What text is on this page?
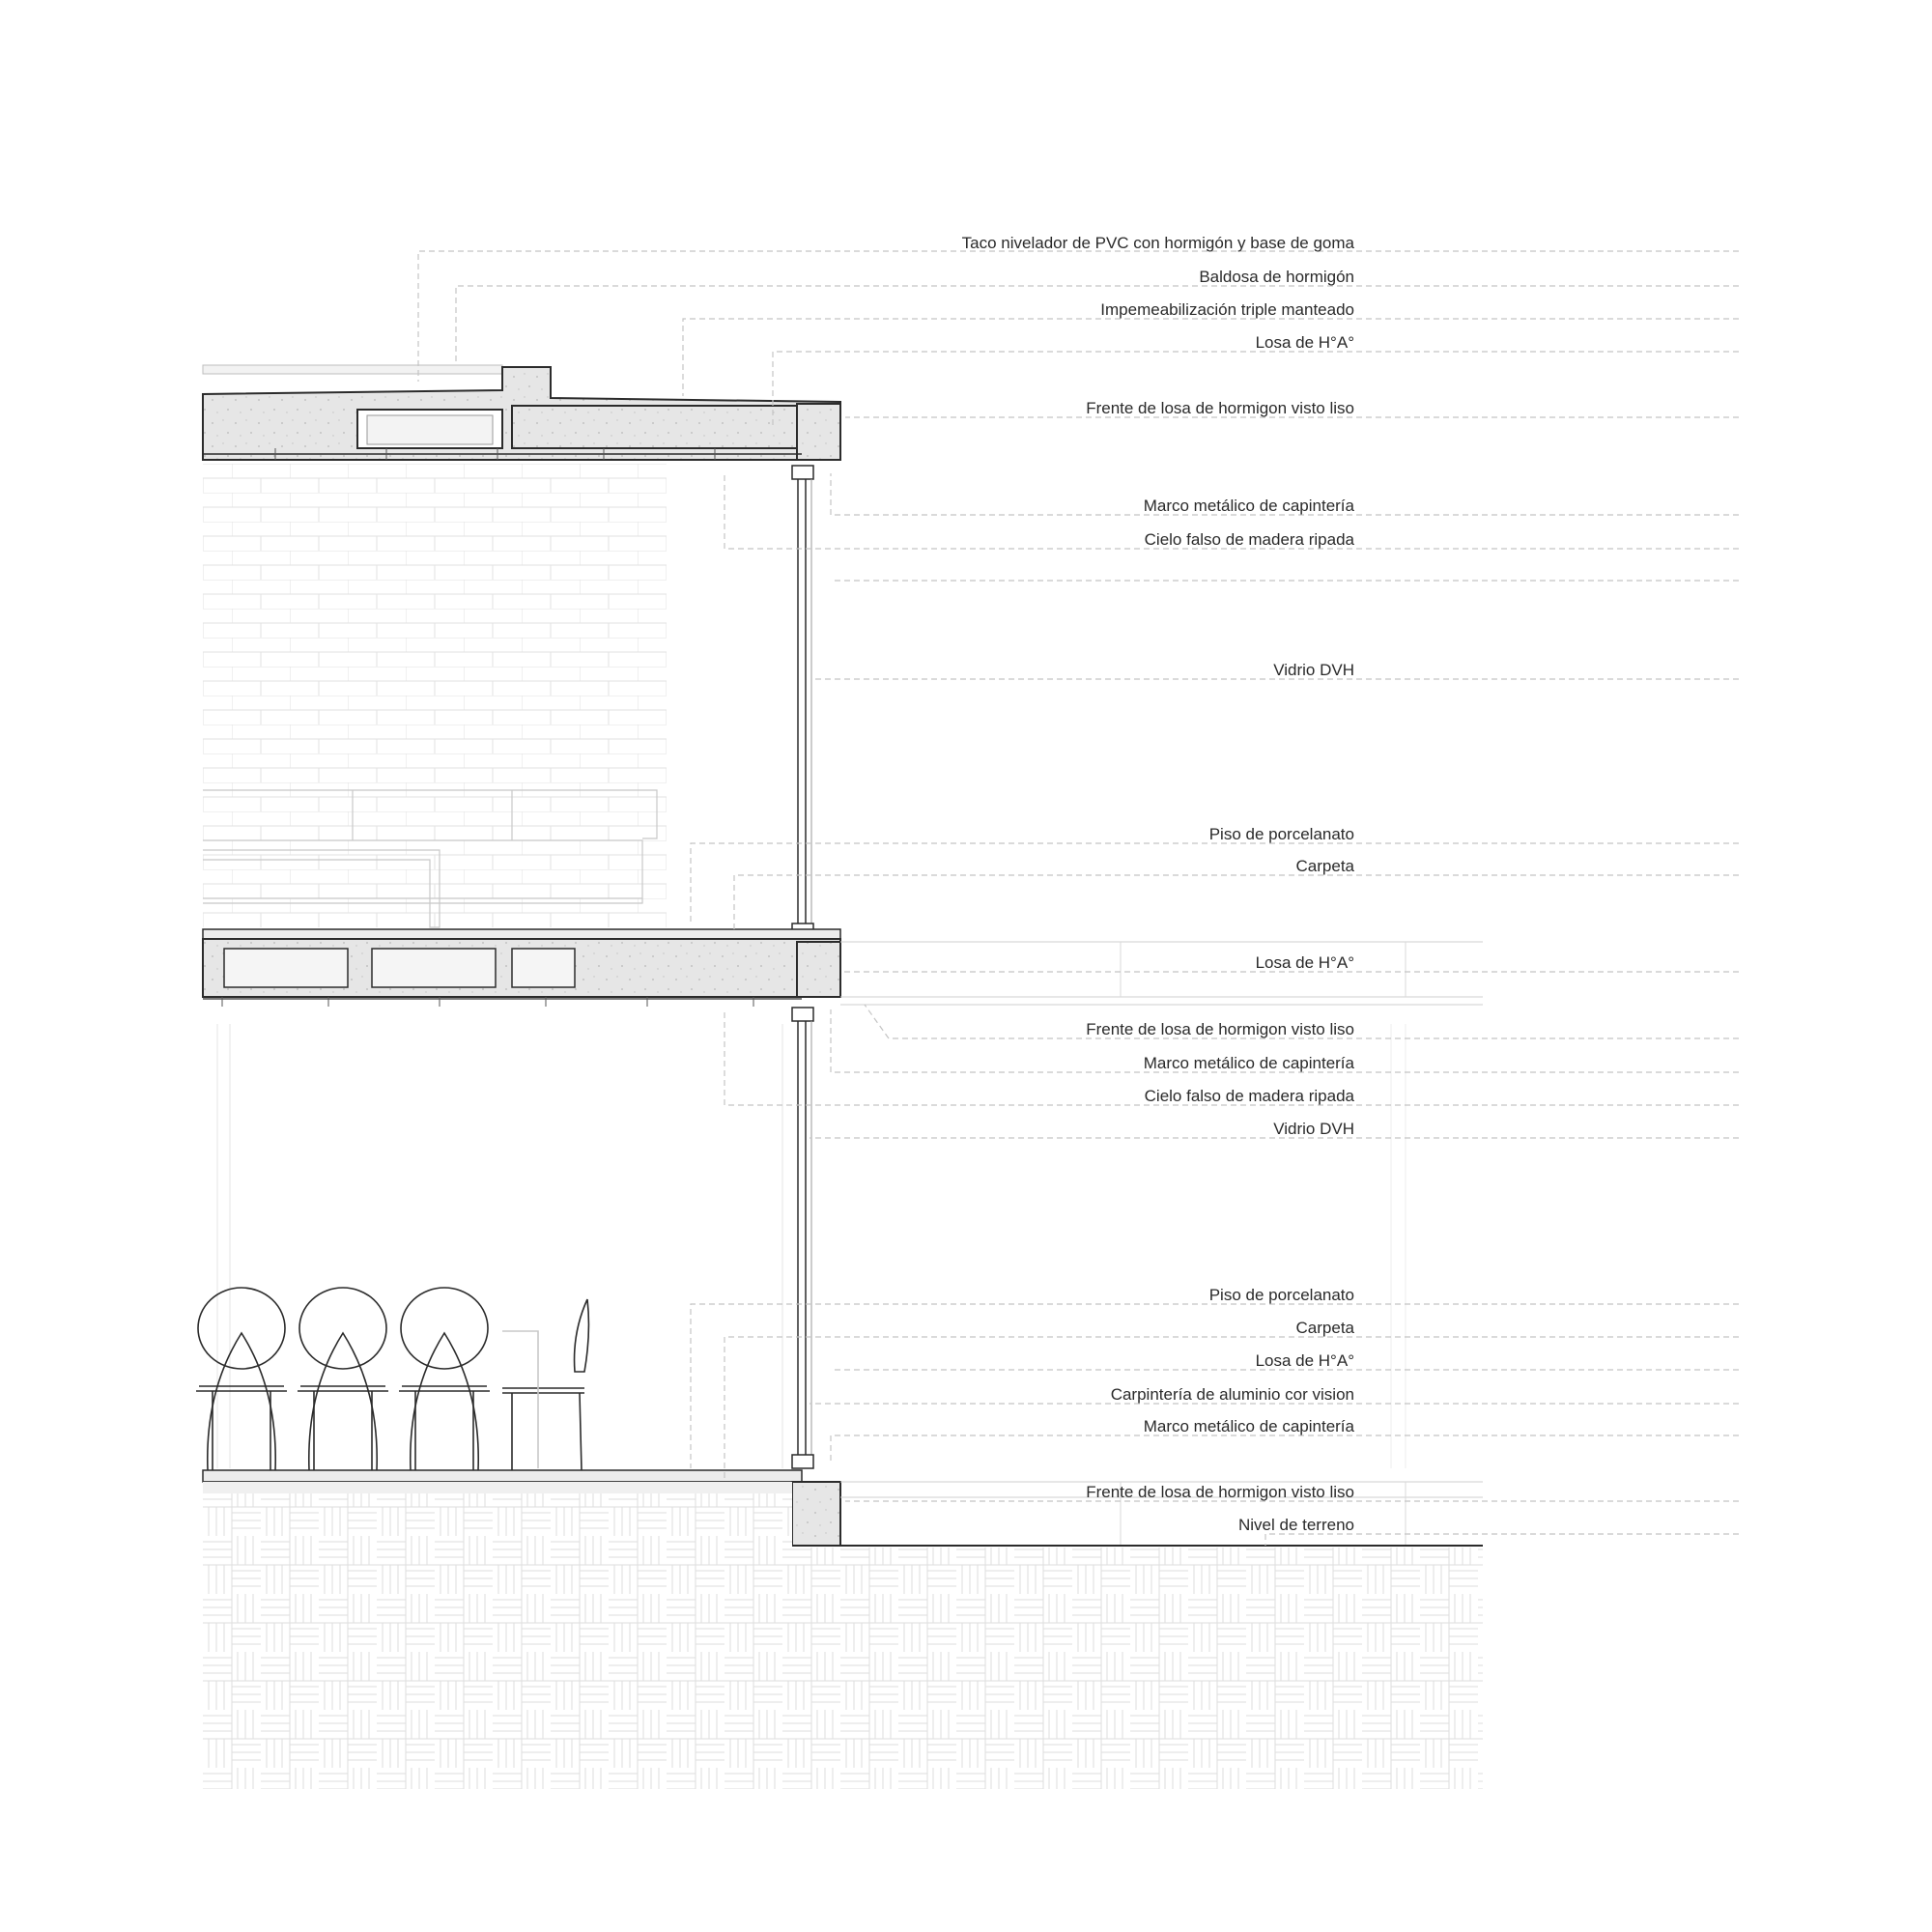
Taco nivelador de PVC con hormigón y base de goma
Baldosa de hormigón
Impemeabilización triple manteado
Losa de H°A°
Frente de losa de hormigon visto liso
Marco metálico de capintería
Cielo falso de madera ripada
Vidrio DVH
Piso de porcelanato
Carpeta
Losa de H°A°
Frente de losa de hormigon visto liso
Marco metálico de capintería
Cielo falso de madera ripada
Vidrio DVH
Piso de porcelanato
Carpeta
Losa de H°A°
Carpintería de aluminio cor vision
Marco metálico de capintería
Frente de losa de hormigon visto liso
Nivel de terreno
